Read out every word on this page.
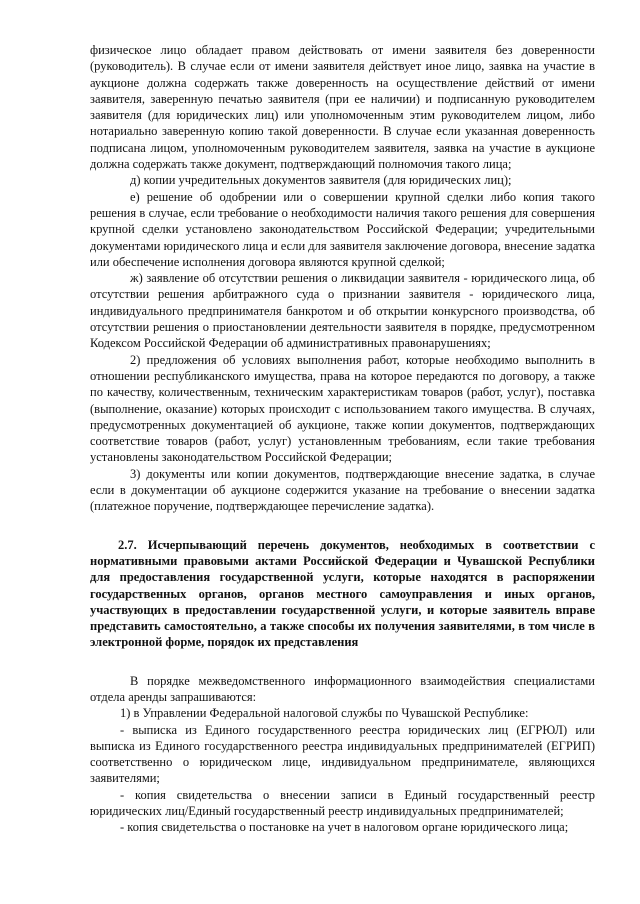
физическое лицо обладает правом действовать от имени заявителя без доверенности (руководитель). В случае если от имени заявителя действует иное лицо, заявка на участие в аукционе должна содержать также доверенность на осуществление действий от имени заявителя, заверенную печатью заявителя (при ее наличии) и подписанную руководителем заявителя (для юридических лиц) или уполномоченным этим руководителем лицом, либо нотариально заверенную копию такой доверенности. В случае если указанная доверенность подписана лицом, уполномоченным руководителем заявителя, заявка на участие в аукционе должна содержать также документ, подтверждающий полномочия такого лица;

д) копии учредительных документов заявителя (для юридических лиц);

е) решение об одобрении или о совершении крупной сделки либо копия такого решения в случае, если требование о необходимости наличия такого решения для совершения крупной сделки установлено законодательством Российской Федерации; учредительными документами юридического лица и если для заявителя заключение договора, внесение задатка или обеспечение исполнения договора являются крупной сделкой;

ж) заявление об отсутствии решения о ликвидации заявителя - юридического лица, об отсутствии решения арбитражного суда о признании заявителя - юридического лица, индивидуального предпринимателя банкротом и об открытии конкурсного производства, об отсутствии решения о приостановлении деятельности заявителя в порядке, предусмотренном Кодексом Российской Федерации об административных правонарушениях;

2) предложения об условиях выполнения работ, которые необходимо выполнить в отношении республиканского имущества, права на которое передаются по договору, а также по качеству, количественным, техническим характеристикам товаров (работ, услуг), поставка (выполнение, оказание) которых происходит с использованием такого имущества. В случаях, предусмотренных документацией об аукционе, также копии документов, подтверждающих соответствие товаров (работ, услуг) установленным требованиям, если такие требования установлены законодательством Российской Федерации;

3) документы или копии документов, подтверждающие внесение задатка, в случае если в документации об аукционе содержится указание на требование о внесении задатка (платежное поручение, подтверждающее перечисление задатка).

2.7. Исчерпывающий перечень документов, необходимых в соответствии с нормативными правовыми актами Российской Федерации и Чувашской Республики для предоставления государственной услуги, которые находятся в распоряжении государственных органов, органов местного самоуправления и иных органов, участвующих в предоставлении государственной услуги, и которые заявитель вправе представить самостоятельно, а также способы их получения заявителями, в том числе в электронной форме, порядок их представления

В порядке межведомственного информационного взаимодействия специалистами отдела аренды запрашиваются:

1) в Управлении Федеральной налоговой службы по Чувашской Республике:

- выписка из Единого государственного реестра юридических лиц (ЕГРЮЛ) или выписка из Единого государственного реестра индивидуальных предпринимателей (ЕГРИП) соответственно о юридическом лице, индивидуальном предпринимателе, являющихся заявителями;

- копия свидетельства о внесении записи в Единый государственный реестр юридических лиц/Единый государственный реестр индивидуальных предпринимателей;

- копия свидетельства о постановке на учет в налоговом органе юридического лица;
